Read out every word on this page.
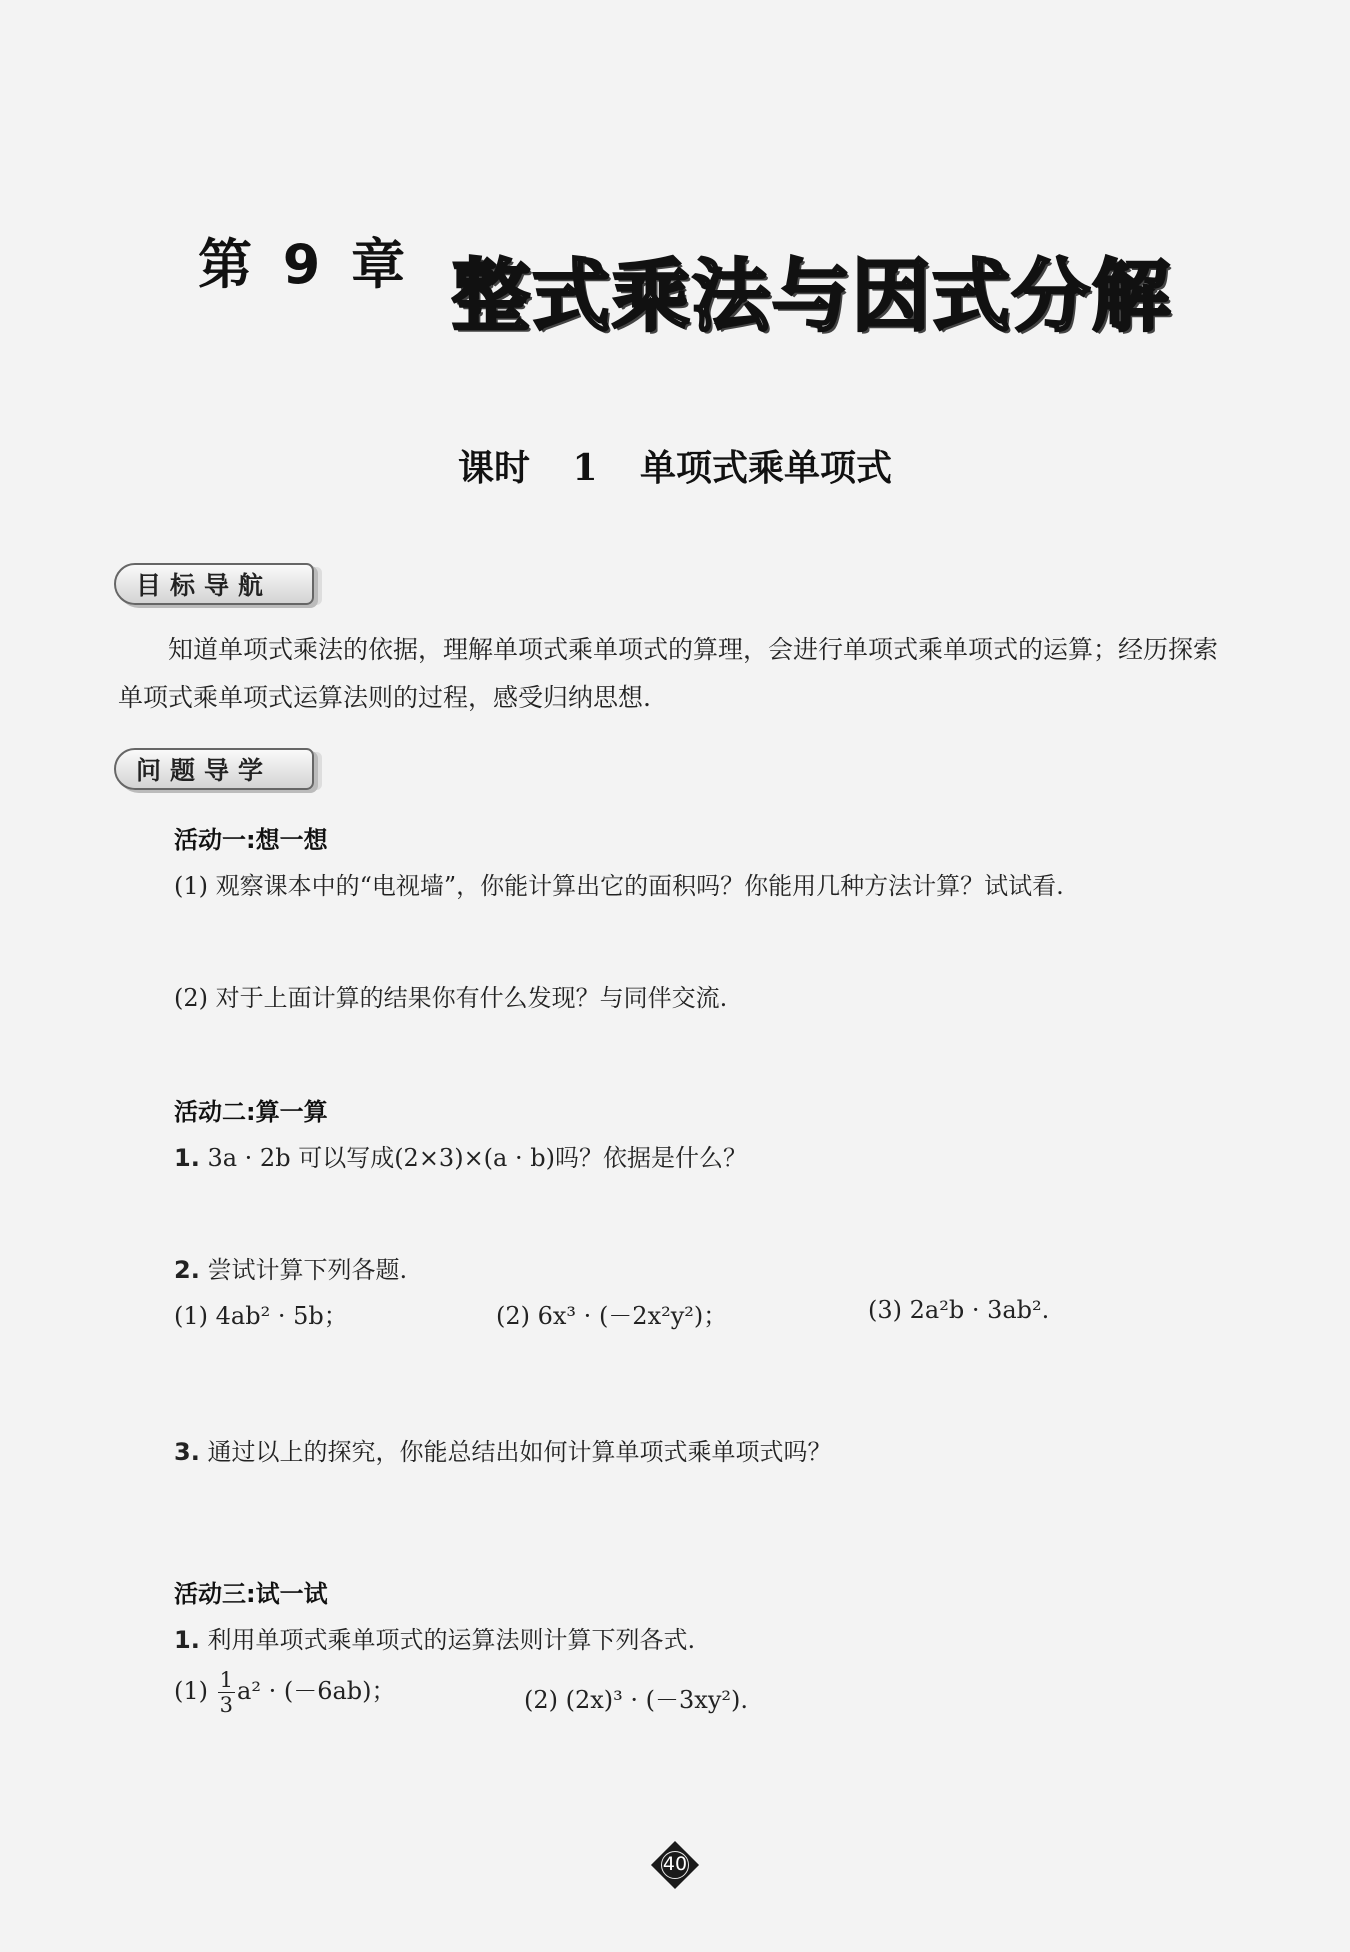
第 9 章 整式乘法与因式分解
课时 1 单项式乘单项式
目标导航
　　知道单项式乘法的依据，理解单项式乘单项式的算理，会进行单项式乘单项式的运算；经历探索单项式乘单项式运算法则的过程，感受归纳思想.
问题导学
活动一:想一想
(1) 观察课本中的“电视墙”，你能计算出它的面积吗？你能用几种方法计算？试试看.
(2) 对于上面计算的结果你有什么发现？与同伴交流.
活动二:算一算
1. 3a · 2b 可以写成(2×3)×(a · b)吗？依据是什么？
2. 尝试计算下列各题.
(1) 4ab² · 5b；	(2) 6x³ · (－2x²y²)；	(3) 2a²b · 3ab².
3. 通过以上的探究，你能总结出如何计算单项式乘单项式吗？
活动三:试一试
1. 利用单项式乘单项式的运算法则计算下列各式.
$(1) \frac{1}{3} a^2 \cdot (-6ab)$；	(2) (2x)³ · (－3xy²).
40
